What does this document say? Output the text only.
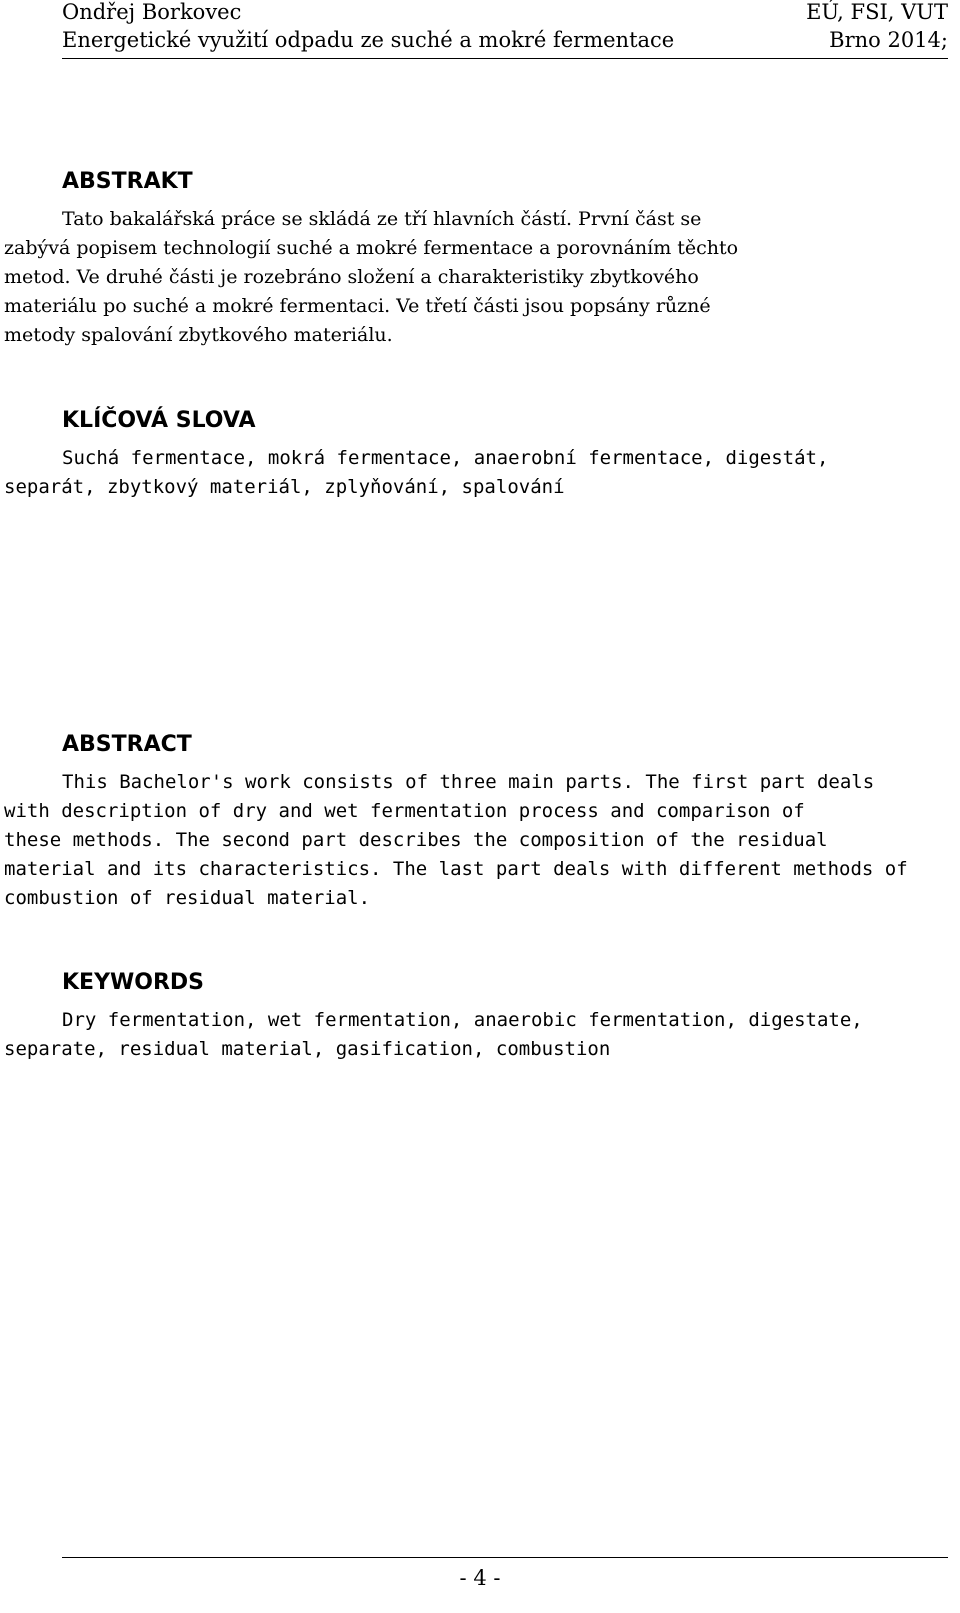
Ondřej Borkovec	EÚ, FSI, VUT
Energetické využití odpadu ze suché a mokré fermentace	Brno 2014;
ABSTRAKT
Tato bakalářská práce se skládá ze tří hlavních částí. První část se
zabývá popisem technologií suché a mokré fermentace a porovnáním těchto
metod. Ve druhé části je rozebráno složení a charakteristiky zbytkového
materiálu po suché a mokré fermentaci. Ve třetí části jsou popsány různé
metody spalování zbytkového materiálu.
KLÍČOVÁ SLOVA
Suchá fermentace, mokrá fermentace, anaerobní fermentace, digestát,
separát, zbytkový materiál, zplyňování, spalování
ABSTRACT
This Bachelor's work consists of three main parts. The first part deals
with description of dry and wet fermentation process and comparison of
these methods. The second part describes the composition of the residual
material and its characteristics. The last part deals with different methods of
combustion of residual material.
KEYWORDS
Dry fermentation, wet fermentation, anaerobic fermentation, digestate,
separate, residual material, gasification, combustion
- 4 -
